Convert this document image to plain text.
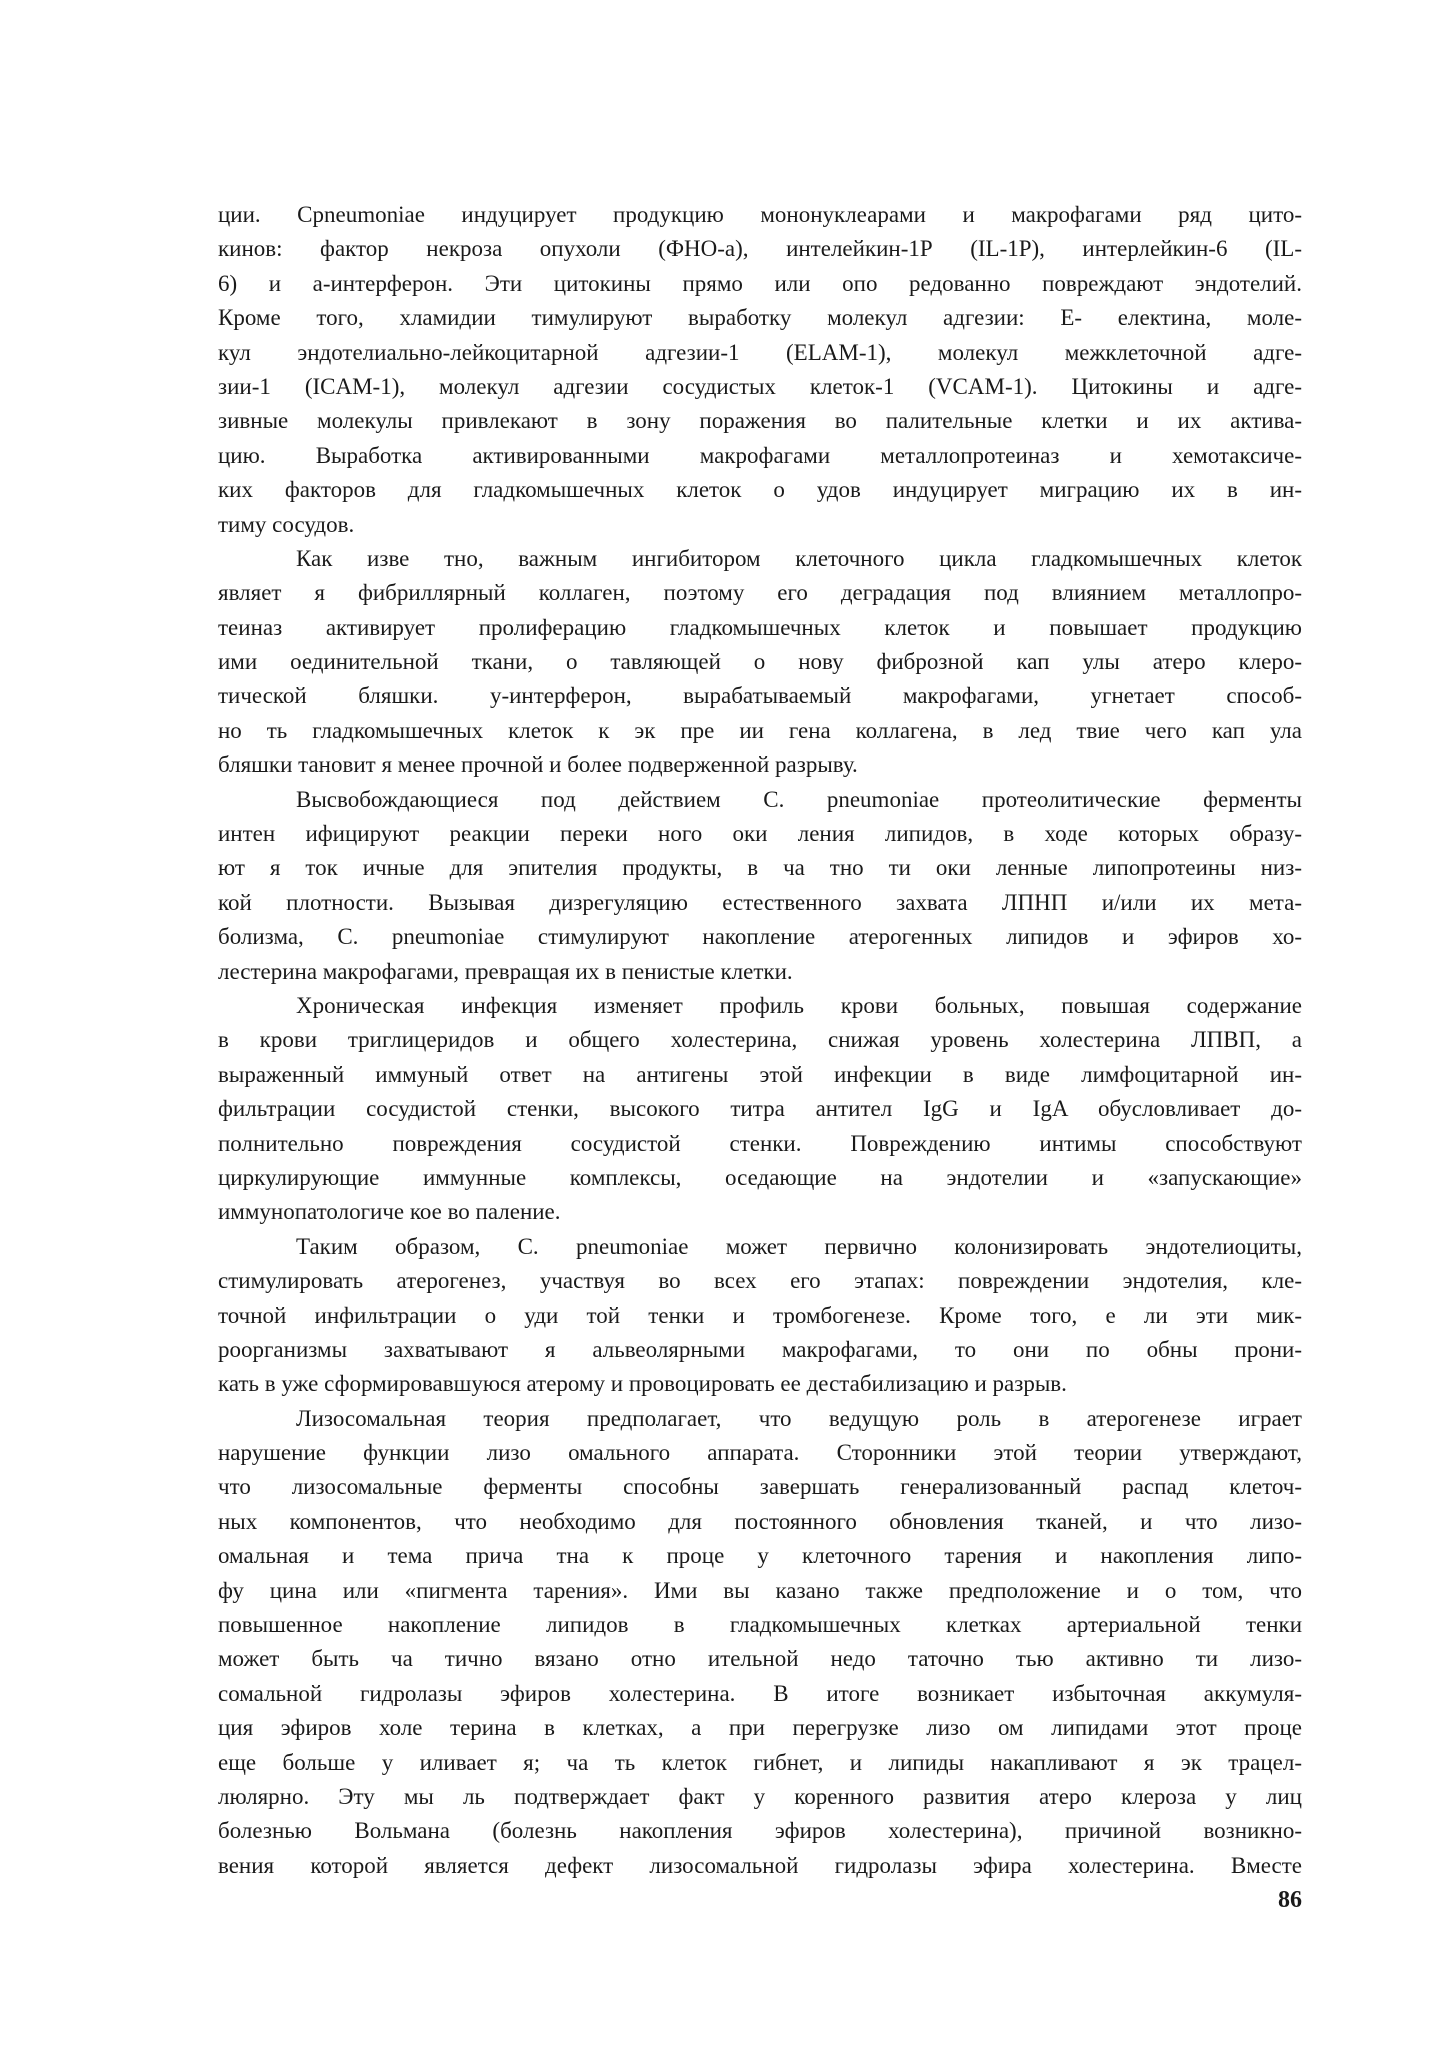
ции. Cpneumoniae индуцирует продукцию мононуклеарами и макрофагами ряд цито-
кинов: фактор некроза опухоли (ФНО-а), интелейкин-1Р (IL-1P), интерлейкин-6 (IL-
6) и а-интерферон. Эти цитокины прямо или опо редованно повреждают эндотелий.
Кроме того, хламидии тимулируют выработку молекул адгезии: Е- електина, моле-
кул эндотелиально-лейкоцитарной адгезии-1 (ELAM-1), молекул межклеточной адге-
зии-1 (ICAM-1), молекул адгезии сосудистых клеток-1 (VCAM-1). Цитокины и адге-
зивные молекулы привлекают в зону поражения во палительные клетки и их актива-
цию. Выработка активированными макрофагами металлопротеиназ и хемотаксиче-
ких факторов для гладкомышечных клеток о удов индуцирует миграцию их в ин-
тиму сосудов.
Как изве тно, важным ингибитором клеточного цикла гладкомышечных клеток
являет я фибриллярный коллаген, поэтому его деградация под влиянием металлопро-
теиназ активирует пролиферацию гладкомышечных клеток и повышает продукцию
ими оединительной ткани, о тавляющей о нову фиброзной кап улы атеро клеро-
тической бляшки. у-интерферон, вырабатываемый макрофагами, угнетает способ-
но ть гладкомышечных клеток к эк пре ии гена коллагена, в лед твие чего кап ула
бляшки тановит я менее прочной и более подверженной разрыву.
Высвобождающиеся под действием C. pneumoniae протеолитические ферменты
интен ифицируют реакции переки ного оки ления липидов, в ходе которых образу-
ют я ток ичные для эпителия продукты, в ча тно ти оки ленные липопротеины низ-
кой плотности. Вызывая дизрегуляцию естественного захвата ЛПНП и/или их мета-
болизма, C. pneumoniae стимулируют накопление атерогенных липидов и эфиров хо-
лестерина макрофагами, превращая их в пенистые клетки.
Хроническая инфекция изменяет профиль крови больных, повышая содержание
в крови триглицеридов и общего холестерина, снижая уровень холестерина ЛПВП, а
выраженный иммуный ответ на антигены этой инфекции в виде лимфоцитарной ин-
фильтрации сосудистой стенки, высокого титра антител IgG и IgA обусловливает до-
полнительно повреждения сосудистой стенки. Повреждению интимы способствуют
циркулирующие иммунные комплексы, оседающие на эндотелии и «запускающие»
иммунопатологиче кое во паление.
Таким образом, C. pneumoniae может первично колонизировать эндотелиоциты,
стимулировать атерогенез, участвуя во всех его этапах: повреждении эндотелия, кле-
точной инфильтрации о уди той тенки и тромбогенезе. Кроме того, е ли эти мик-
роорганизмы захватывают я альвеолярными макрофагами, то они по обны прони-
кать в уже сформировавшуюся атерому и провоцировать ее дестабилизацию и разрыв.
Лизосомальная теория предполагает, что ведущую роль в атерогенезе играет
нарушение функции лизо омального аппарата. Сторонники этой теории утверждают,
что лизосомальные ферменты способны завершать генерализованный распад клеточ-
ных компонентов, что необходимо для постоянного обновления тканей, и что лизо-
омальная и тема прича тна к проце у клеточного тарения и накопления липо-
фу цина или «пигмента тарения». Ими вы казано также предположение и о том, что
повышенное накопление липидов в гладкомышечных клетках артериальной тенки
может быть ча тично вязано отно ительной недо таточно тью активно ти лизо-
сомальной гидролазы эфиров холестерина. В итоге возникает избыточная аккумуля-
ция эфиров холе терина в клетках, а при перегрузке лизо ом липидами этот проце
еще больше у иливает я; ча ть клеток гибнет, и липиды накапливают я эк трацел-
люлярно. Эту мы ль подтверждает факт у коренного развития атеро клероза у лиц
болезнью Вольмана (болезнь накопления эфиров холестерина), причиной возникно-
вения которой является дефект лизосомальной гидролазы эфира холестерина. Вместе
86
